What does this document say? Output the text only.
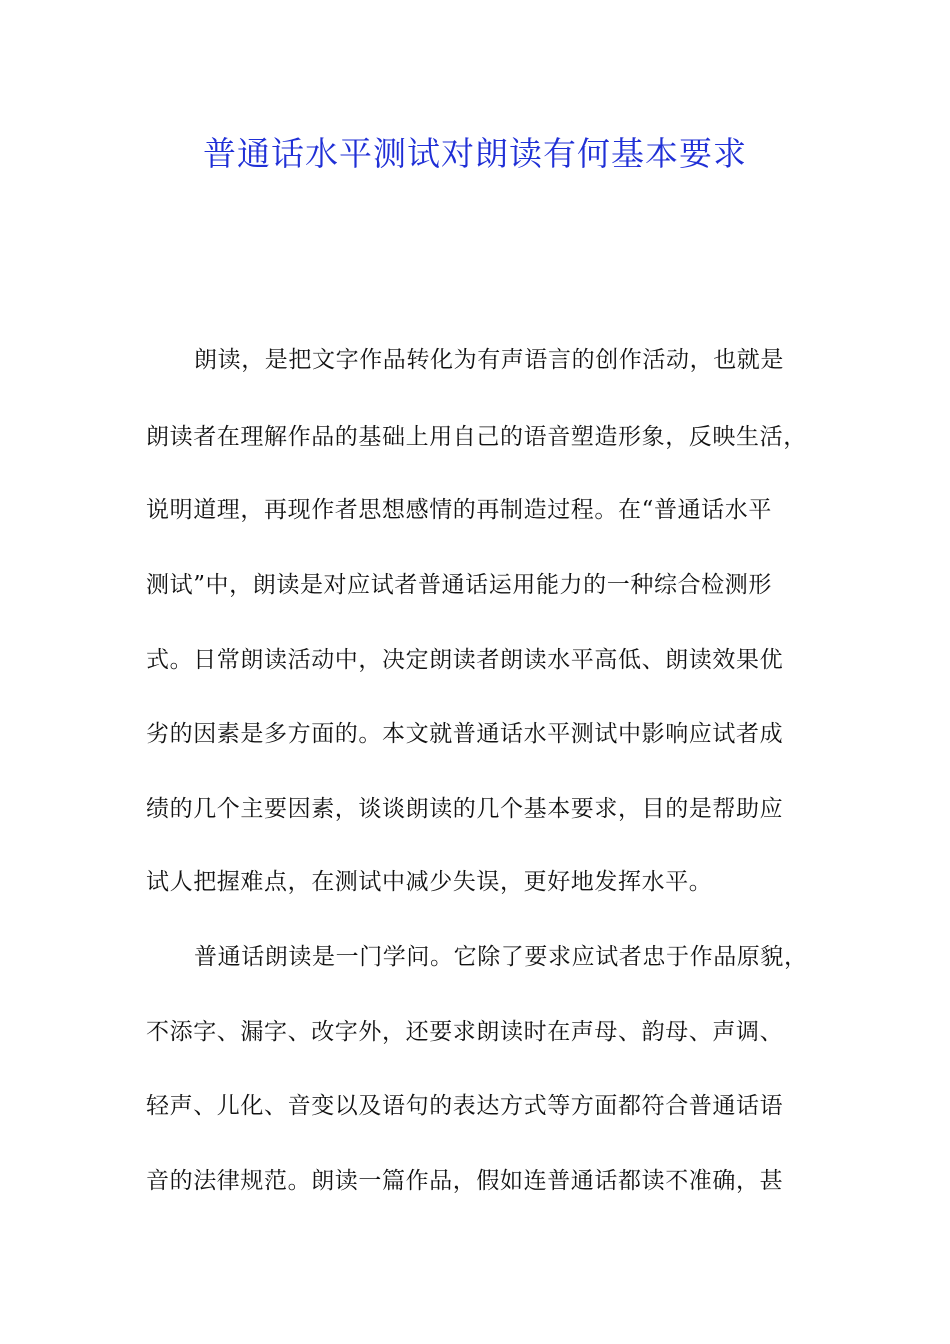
普通话水平测试对朗读有何基本要求
朗读，是把文字作品转化为有声语言的创作活动，也就是
朗读者在理解作品的基础上用自己的语音塑造形象，反映生活，
说明道理，再现作者思想感情的再制造过程。在“普通话水平
测试”中，朗读是对应试者普通话运用能力的一种综合检测形
式。日常朗读活动中，决定朗读者朗读水平高低、朗读效果优
劣的因素是多方面的。本文就普通话水平测试中影响应试者成
绩的几个主要因素，谈谈朗读的几个基本要求，目的是帮助应
试人把握难点，在测试中减少失误，更好地发挥水平。
普通话朗读是一门学问。它除了要求应试者忠于作品原貌，
不添字、漏字、改字外，还要求朗读时在声母、韵母、声调、
轻声、儿化、音变以及语句的表达方式等方面都符合普通话语
音的法律规范。朗读一篇作品，假如连普通话都读不准确，甚
